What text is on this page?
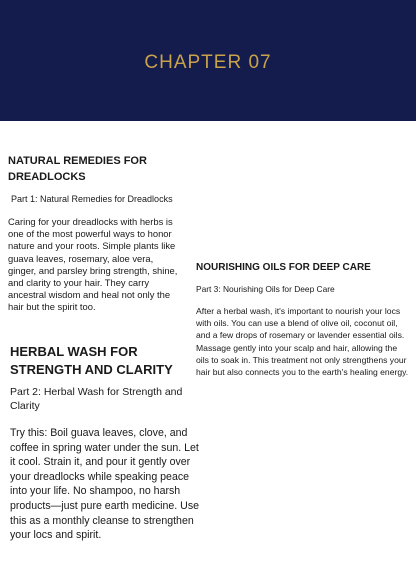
CHAPTER 07
NATURAL REMEDIES FOR DREADLOCKS
Part 1: Natural Remedies for Dreadlocks
Caring for your dreadlocks with herbs is one of the most powerful ways to honor nature and your roots. Simple plants like guava leaves, rosemary, aloe vera, ginger, and parsley bring strength, shine, and clarity to your hair. They carry ancestral wisdom and heal not only the hair but the spirit too.
NOURISHING OILS FOR DEEP CARE
Part 3: Nourishing Oils for Deep Care
After a herbal wash, it's important to nourish your locs with oils. You can use a blend of olive oil, coconut oil, and a few drops of rosemary or lavender essential oils. Massage gently into your scalp and hair, allowing the oils to soak in. This treatment not only strengthens your hair but also connects you to the earth's healing energy.
HERBAL WASH FOR STRENGTH AND CLARITY
Part 2: Herbal Wash for Strength and Clarity
Try this: Boil guava leaves, clove, and coffee in spring water under the sun. Let it cool. Strain it, and pour it gently over your dreadlocks while speaking peace into your life. No shampoo, no harsh products—just pure earth medicine. Use this as a monthly cleanse to strengthen your locs and spirit.
